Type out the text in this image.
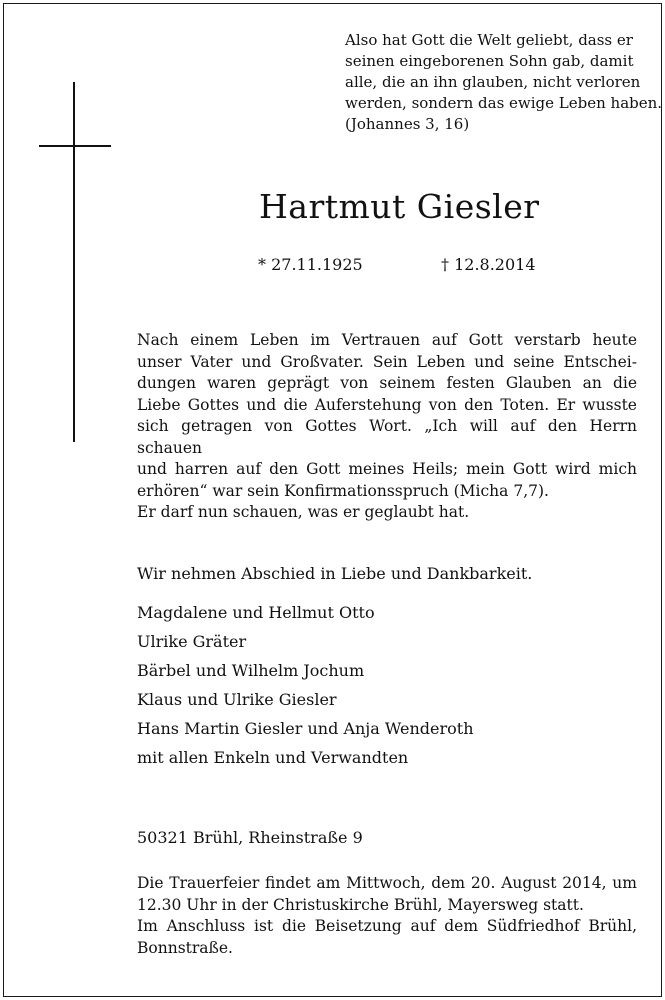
Also hat Gott die Welt geliebt, dass er
seinen eingeborenen Sohn gab, damit
alle, die an ihn glauben, nicht verloren
werden, sondern das ewige Leben haben.
(Johannes 3, 16)
Hartmut Giesler
* 27.11.1925	† 12.8.2014
Nach einem Leben im Vertrauen auf Gott verstarb heute
unser Vater und Großvater. Sein Leben und seine Entschei-
dungen waren geprägt von seinem festen Glauben an die
Liebe Gottes und die Auferstehung von den Toten. Er wusste
sich getragen von Gottes Wort. „Ich will auf den Herrn schauen
und harren auf den Gott meines Heils; mein Gott wird mich
erhören“ war sein Konfirmationsspruch (Micha 7,7).
Er darf nun schauen, was er geglaubt hat.
Wir nehmen Abschied in Liebe und Dankbarkeit.
Magdalene und Hellmut Otto
Ulrike Gräter
Bärbel und Wilhelm Jochum
Klaus und Ulrike Giesler
Hans Martin Giesler und Anja Wenderoth
mit allen Enkeln und Verwandten
50321 Brühl, Rheinstraße 9
Die Trauerfeier findet am Mittwoch, dem 20. August 2014, um
12.30 Uhr in der Christuskirche Brühl, Mayersweg statt.
Im Anschluss ist die Beisetzung auf dem Südfriedhof Brühl,
Bonnstraße.
